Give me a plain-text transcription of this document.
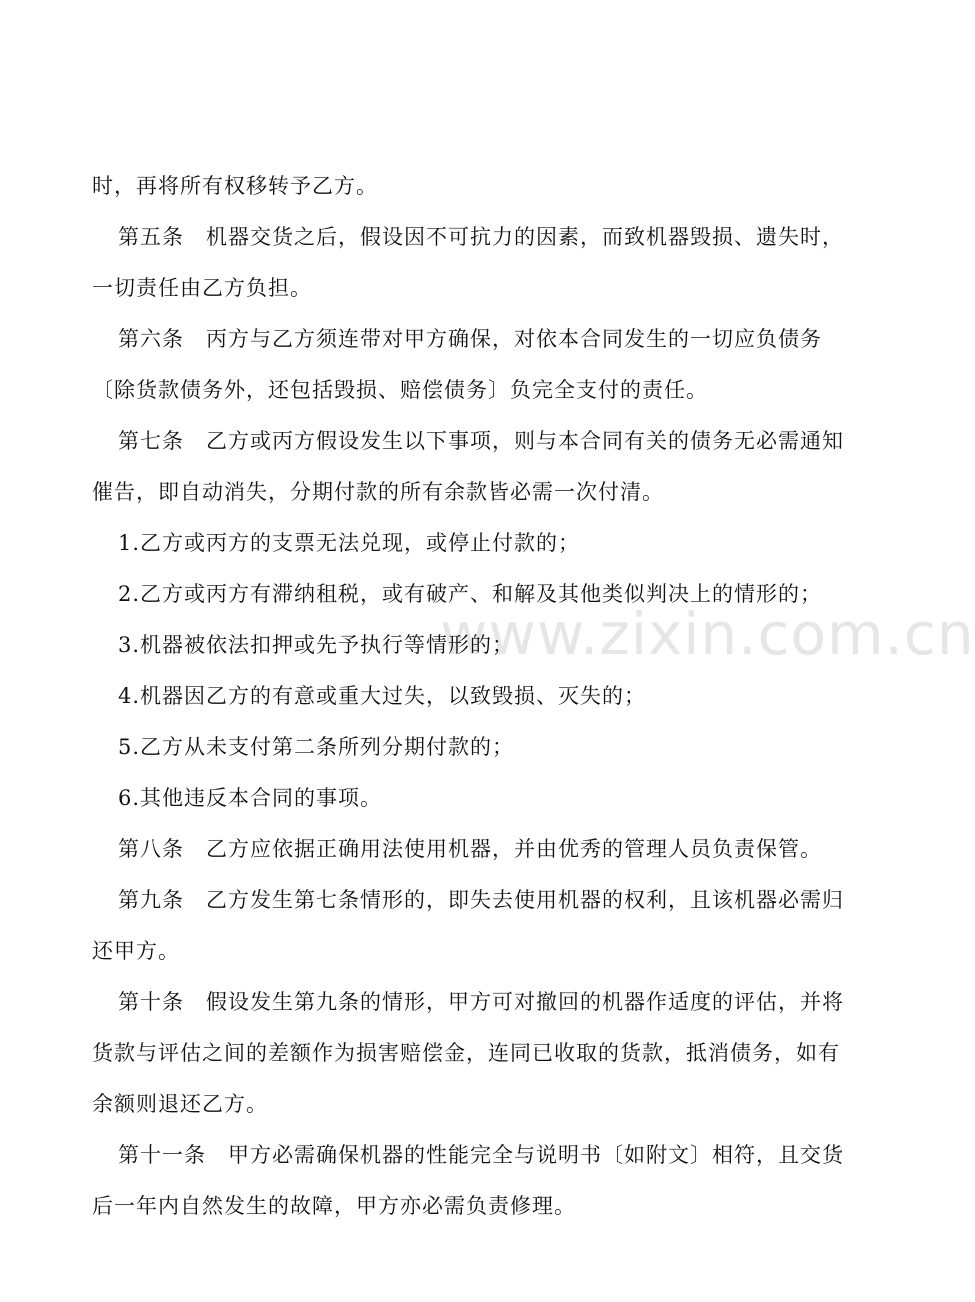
www.zixin.com.cn

时，再将所有权移转予乙方。

第五条 机器交货之后，假设因不可抗力的因素，而致机器毁损、遗失时，一切责任由乙方负担。

第六条 丙方与乙方须连带对甲方确保，对依本合同发生的一切应负债务〔除货款债务外，还包括毁损、赔偿债务〕负完全支付的责任。

第七条 乙方或丙方假设发生以下事项，则与本合同有关的债务无必需通知催告，即自动消失，分期付款的所有余款皆必需一次付清。

1.乙方或丙方的支票无法兑现，或停止付款的；

2.乙方或丙方有滞纳租税，或有破产、和解及其他类似判决上的情形的；

3.机器被依法扣押或先予执行等情形的；

4.机器因乙方的有意或重大过失，以致毁损、灭失的；

5.乙方从未支付第二条所列分期付款的；

6.其他违反本合同的事项。

第八条 乙方应依据正确用法使用机器，并由优秀的管理人员负责保管。

第九条 乙方发生第七条情形的，即失去使用机器的权利，且该机器必需归还甲方。

第十条 假设发生第九条的情形，甲方可对撤回的机器作适度的评估，并将货款与评估之间的差额作为损害赔偿金，连同已收取的货款，抵消债务，如有余额则退还乙方。

第十一条 甲方必需确保机器的性能完全与说明书〔如附文〕相符，且交货后一年内自然发生的故障，甲方亦必需负责修理。
